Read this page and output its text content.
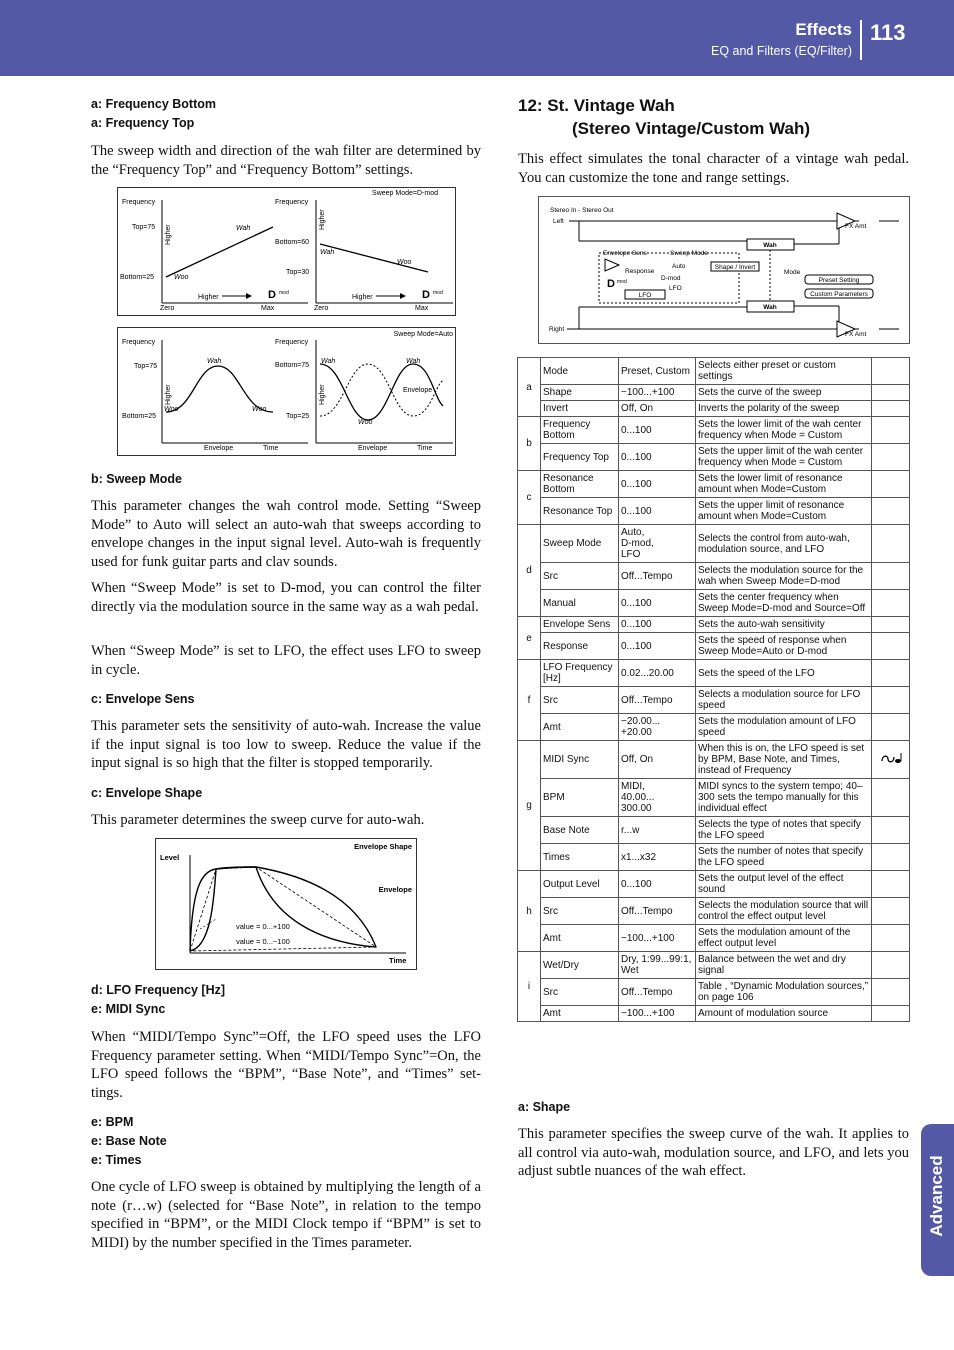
Effects
EQ and Filters (EQ/Filter)
113
Advanced
a: Frequency Bottom
a: Frequency Top

The sweep width and direction of the wah filter are determined by the “Frequency Top” and “Frequency Bottom” settings.

Sweep Mode=D-mod
Frequency
Top=75
Bottom=25
Wah
Woo
Higher
Higher	D mod
Zero	Max
Frequency
Bottom=60
Top=30
Wah
Woo
Higher
Higher	D mod
Zero	Max
Sweep Mode=Auto
Frequency
Top=75
Bottom=25
Wah
Woo	Woo
Higher
Envelope	Time
Frequency
Bottom=75
Top=25
Wah	Wah
Woo
Envelope
Higher
Envelope	Time
b: Sweep Mode

This parameter changes the wah control mode. Setting “Sweep Mode” to Auto will select an auto-wah that sweeps according to envelope changes in the input signal level. Auto-wah is frequently used for funk guitar parts and clav sounds.

When “Sweep Mode” is set to D-mod, you can control the filter directly via the modulation source in the same way as a wah pedal.

When “Sweep Mode” is set to LFO, the effect uses LFO to sweep in cycle.

c: Envelope Sens

This parameter sets the sensitivity of auto-wah. Increase the value if the input signal is too low to sweep. Reduce the value if the input signal is so high that the filter is stopped temporarily.

c: Envelope Shape

This parameter determines the sweep curve for auto-wah.

Envelope Shape
Level
Envelope
value = 0...+100
value = 0...−100
Time
d: LFO Frequency [Hz]
e: MIDI Sync

When “MIDI/Tempo Sync”=Off, the LFO speed uses the LFO Frequency parameter setting. When “MIDI/Tempo Sync”=On, the LFO speed follows the “BPM”, “Base Note”, and “Times” settings.

e: BPM
e: Base Note
e: Times

One cycle of LFO sweep is obtained by multiplying the length of a note (r…w) (selected for “Base Note”, in relation to the tempo specified in “BPM”, or the MIDI Clock tempo if “BPM” is set to MIDI) by the number specified in the Times parameter.

12: St. Vintage Wah
(Stereo Vintage/Custom Wah)

This effect simulates the tonal character of a vintage wah pedal. You can customize the tone and range settings.

Stereo In - Stereo Out
Left
Right
Wah
Wah
FX Amt
FX Amt
Envelope Sens	Sweep Mode
Response
Auto
D-mod
LFO
D mod
LFO
Shape / Invert
Mode
Preset Setting
Custom Parameters
a	Mode	Preset, Custom	Selects either preset or custom settings	
	Shape	−100...+100	Sets the curve of the sweep	
	Invert	Off, On	Inverts the polarity of the sweep	
b	Frequency Bottom	0...100	Sets the lower limit of the wah center frequency when Mode = Custom	
	Frequency Top	0...100	Sets the upper limit of the wah center frequency when Mode = Custom	
c	Resonance Bottom	0...100	Sets the lower limit of resonance amount when Mode=Custom	
	Resonance Top	0...100	Sets the upper limit of resonance amount when Mode=Custom	
d	Sweep Mode	Auto,
D-mod,
LFO	Selects the control from auto-wah, modulation source, and LFO	
	Src	Off...Tempo	Selects the modulation source for the wah when Sweep Mode=D-mod	
	Manual	0...100	Sets the center frequency when Sweep Mode=D-mod and Source=Off	
e	Envelope Sens	0...100	Sets the auto-wah sensitivity	
	Response	0...100	Sets the speed of response when Sweep Mode=Auto or D-mod	
f	LFO Frequency [Hz]	0.02...20.00	Sets the speed of the LFO	
	Src	Off...Tempo	Selects a modulation source for LFO speed	
	Amt	−20.00...
+20.00	Sets the modulation amount of LFO speed	
g	MIDI Sync	Off, On	When this is on, the LFO speed is set by BPM, Base Note, and Times, instead of Frequency	
	BPM	MIDI,
40.00...
300.00	MIDI syncs to the system tempo; 40–300 sets the tempo manually for this individual effect	
	Base Note	r...w	Selects the type of notes that specify the LFO speed	
	Times	x1...x32	Sets the number of notes that specify the LFO speed	
h	Output Level	0...100	Sets the output level of the effect sound	
	Src	Off...Tempo	Selects the modulation source that will control the effect output level	
	Amt	−100...+100	Sets the modulation amount of the effect output level	
i	Wet/Dry	Dry, 1:99...99:1, Wet	Balance between the wet and dry signal	
	Src	Off...Tempo	Table , “Dynamic Modulation sources,” on page 106	
	Amt	−100...+100	Amount of modulation source	
a: Shape

This parameter specifies the sweep curve of the wah. It applies to all control via auto-wah, modulation source, and LFO, and lets you adjust subtle nuances of the wah effect.
